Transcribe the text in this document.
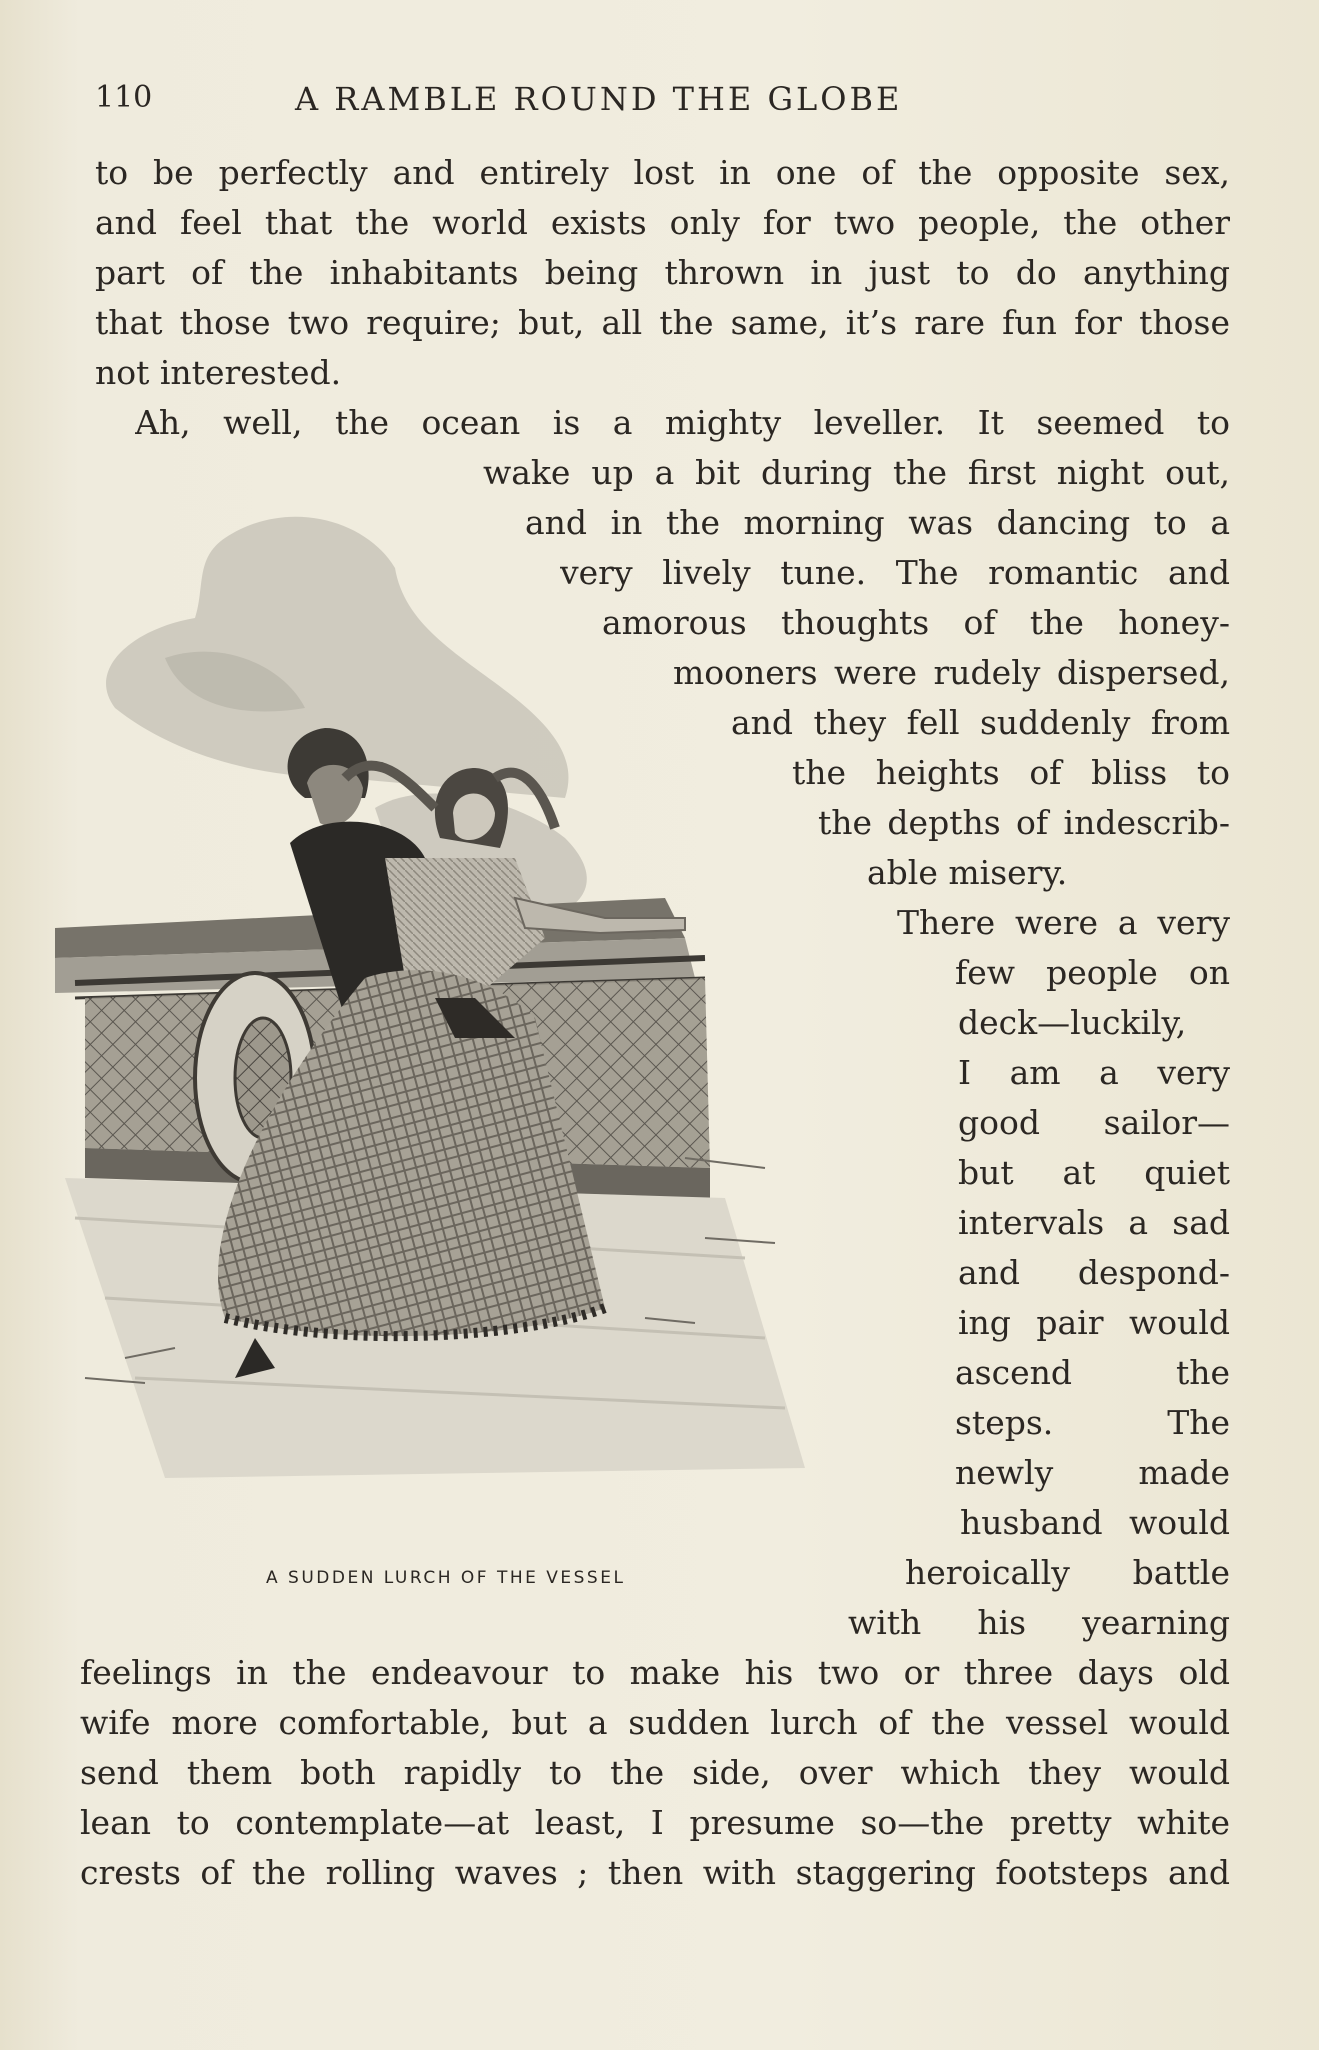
110	A RAMBLE ROUND THE GLOBE
A SUDDEN LURCH OF THE VESSEL
to be perfectly and entirely lost in one of the opposite sex,
and feel that the world exists only for two people, the other
part of the inhabitants being thrown in just to do anything
that those two require; but, all the same, it’s rare fun for those
not interested.
Ah, well, the ocean is a mighty leveller. It seemed to
wake up a bit during the first night out,
and in the morning was dancing to a
very lively tune. The romantic and
amorous thoughts of the honey-
mooners were rudely dispersed,
and they fell suddenly from
the heights of bliss to
the depths of indescrib-
able misery.
There were a very
few people on
deck—luckily,
I am a very
good sailor—
but at quiet
intervals a sad
and despond-
ing pair would
ascend the
steps. The
newly made
husband would
heroically battle
with his yearning
feelings in the endeavour to make his two or three days old
wife more comfortable, but a sudden lurch of the vessel would
send them both rapidly to the side, over which they would
lean to contemplate—at least, I presume so—the pretty white
crests of the rolling waves ; then with staggering footsteps and
